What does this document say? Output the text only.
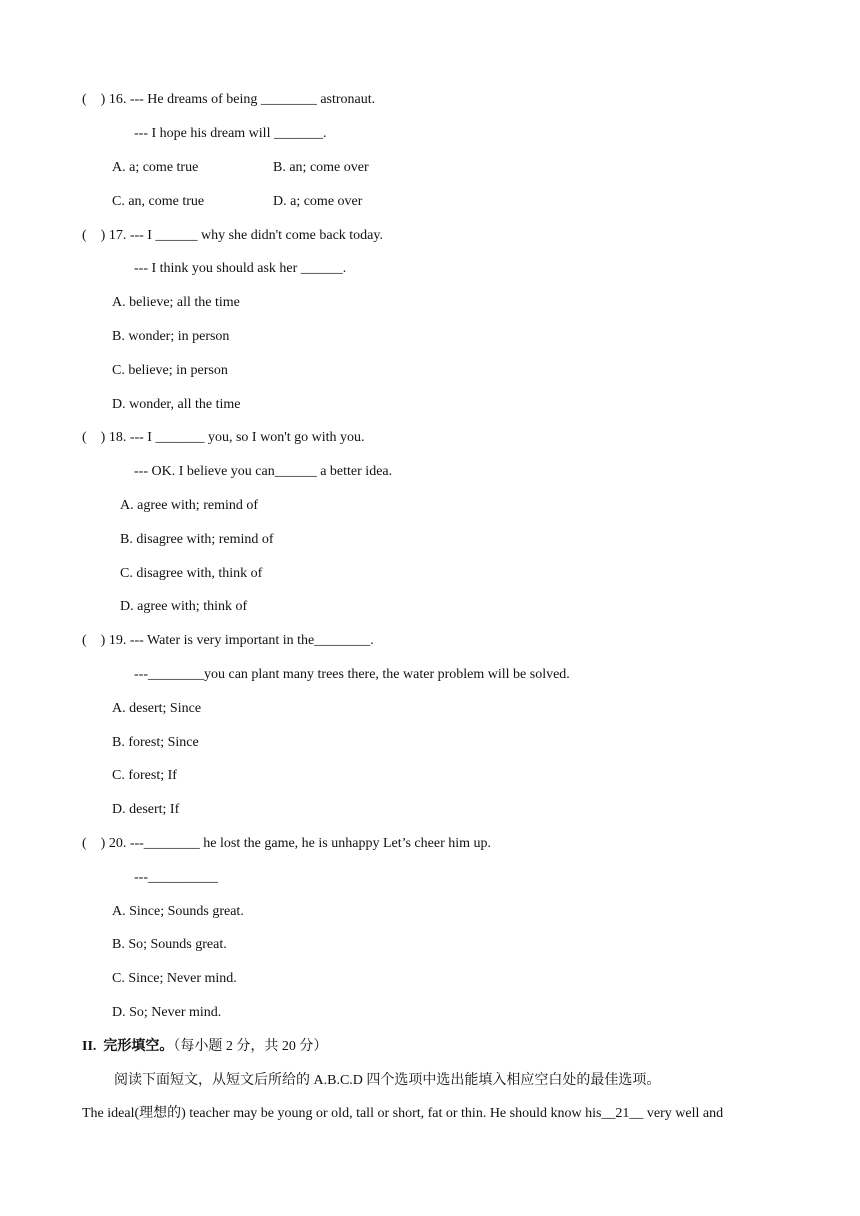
(    ) 16. --- He dreams of being ________ astronaut.
--- I hope his dream will _______.
A. a; come true	B. an; come over
C. an, come true	D. a; come over
(    ) 17. --- I ______ why she didn't come back today.
--- I think you should ask her ______.
A. believe; all the time
B. wonder; in person
C. believe; in person
D. wonder, all the time
(    ) 18. --- I _______ you, so I won't go with you.
--- OK. I believe you can______ a better idea.
A. agree with; remind of
B. disagree with; remind of
C. disagree with, think of
D. agree with; think of
(    ) 19. --- Water is very important in the________.
---________you can plant many trees there, the water problem will be solved.
A. desert; Since
B. forest; Since
C. forest; If
D. desert; If
(    ) 20. ---________ he lost the game, he is unhappy Let’s cheer him up.
---__________
A. Since; Sounds great.
B. So; Sounds great.
C. Since; Never mind.
D. So; Never mind.
II.  完形填空。（每小题 2 分，共 20 分）
阅读下面短文，从短文后所给的 A.B.C.D 四个选项中选出能填入相应空白处的最佳选项。
The ideal(理想的) teacher may be young or old, tall or short, fat or thin. He should know his__21__ very well and
